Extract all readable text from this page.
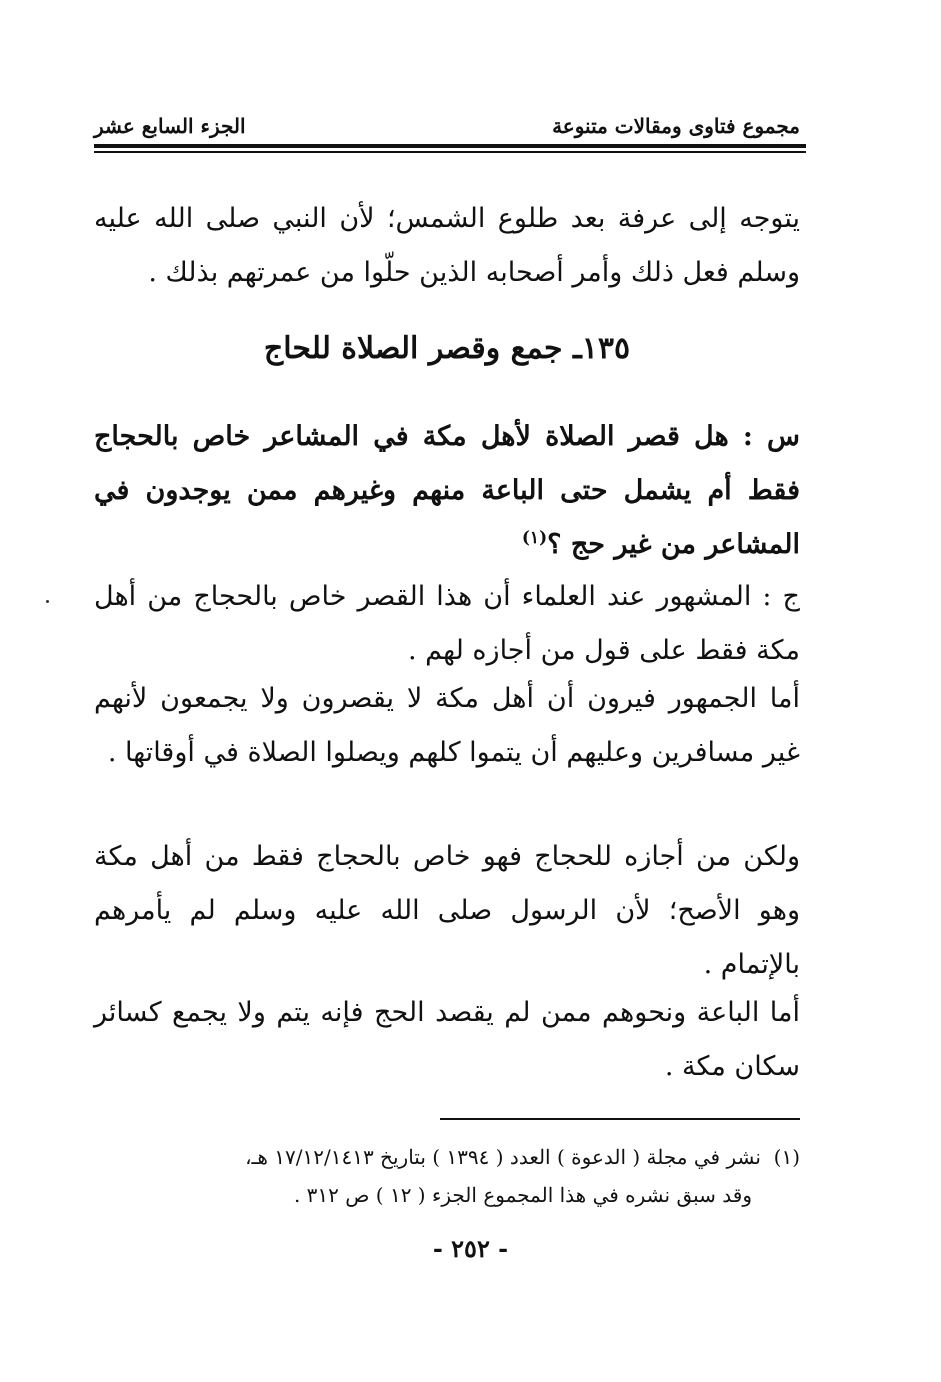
مجموع فتاوى ومقالات متنوعة
الجزء السابع عشر
يتوجه إلى عرفة بعد طلوع الشمس؛ لأن النبي صلى الله عليه وسلم فعل ذلك وأمر أصحابه الذين حلّوا من عمرتهم بذلك .
١٣٥ـ جمع وقصر الصلاة للحاج
س : هل قصر الصلاة لأهل مكة في المشاعر خاص بالحجاج فقط أم يشمل حتى الباعة منهم وغيرهم ممن يوجدون في المشاعر من غير حج ؟$^{(١)}$
ج : المشهور عند العلماء أن هذا القصر خاص بالحجاج من أهل مكة فقط على قول من أجازه لهم .
أما الجمهور فيرون أن أهل مكة لا يقصرون ولا يجمعون لأنهم غير مسافرين وعليهم أن يتموا كلهم ويصلوا الصلاة في أوقاتها .
ولكن من أجازه للحجاج فهو خاص بالحجاج فقط من أهل مكة وهو الأصح؛ لأن الرسول صلى الله عليه وسلم لم يأمرهم بالإتمام .
أما الباعة ونحوهم ممن لم يقصد الحج فإنه يتم ولا يجمع كسائر سكان مكة .
(١)  نشر في مجلة ( الدعوة ) العدد ( ١٣٩٤ ) بتاريخ ١٧/١٢/١٤١٣ هـ،
وقد سبق نشره في هذا المجموع الجزء ( ١٢ ) ص ٣١٢ .
- ٢٥٢ -
